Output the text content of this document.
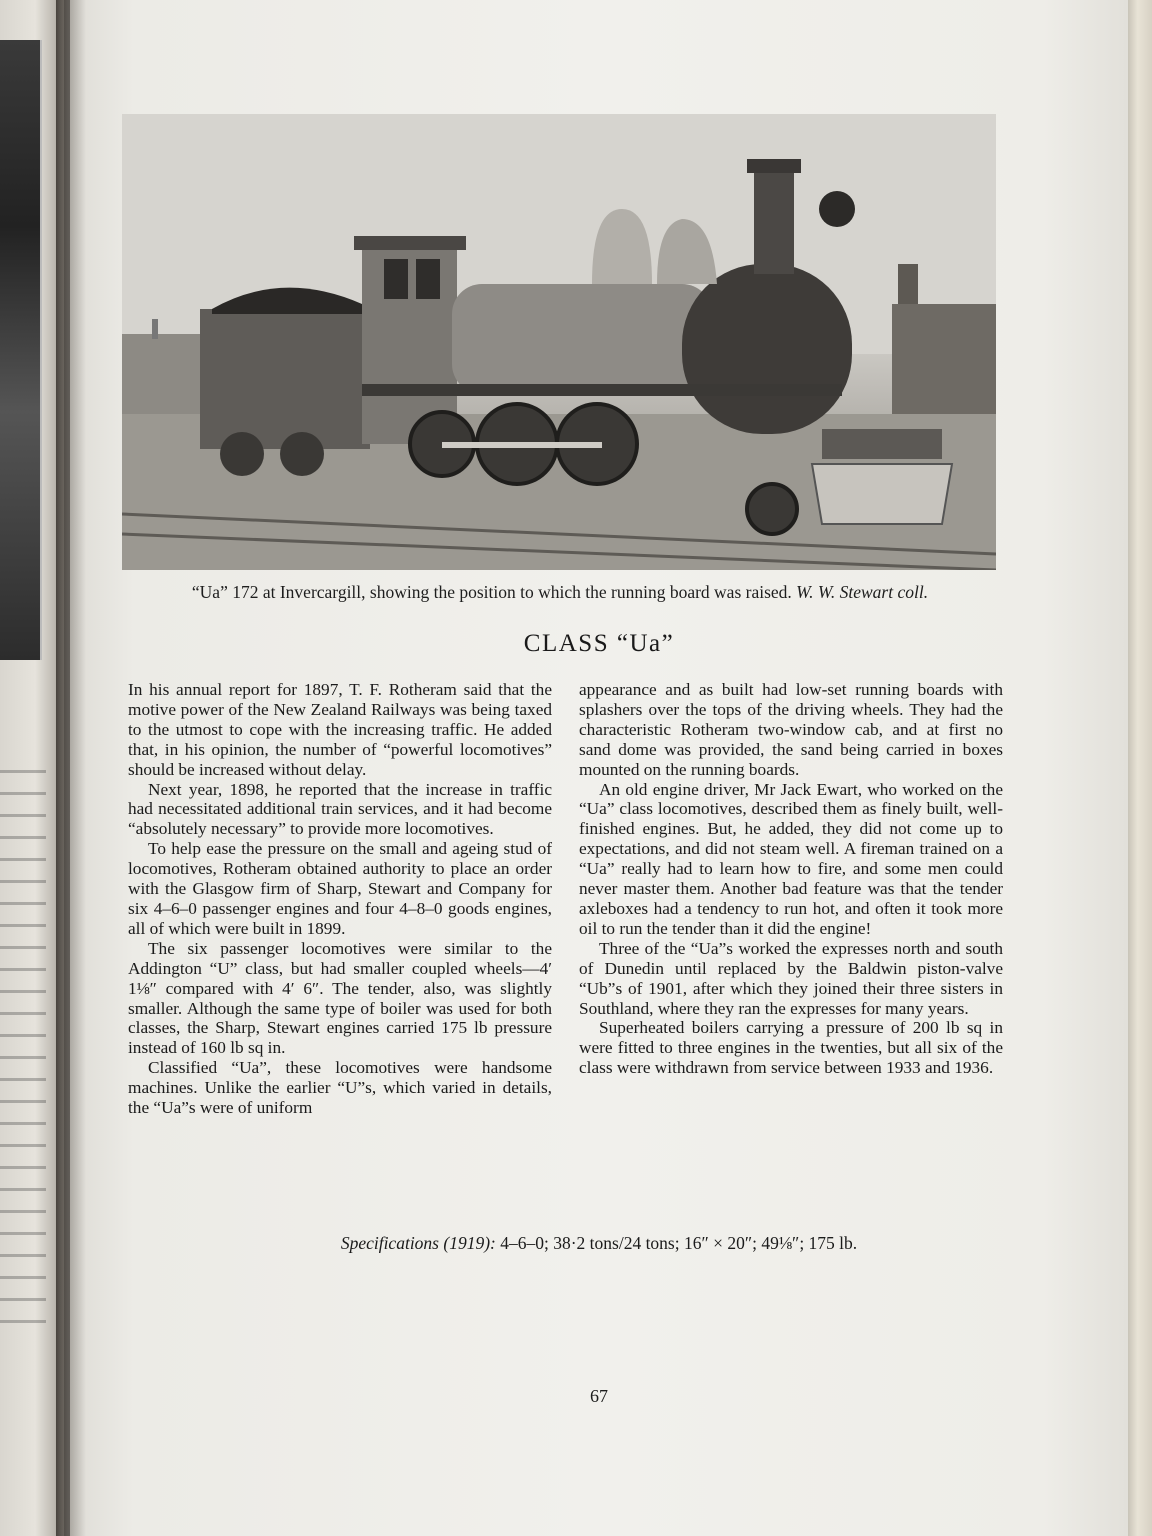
“Ua” 172 at Invercargill, showing the position to which the running board was raised. W. W. Stewart coll.
CLASS “Ua”

In his annual report for 1897, T. F. Rotheram said that the motive power of the New Zealand Railways was being taxed to the utmost to cope with the increasing traffic. He added that, in his opinion, the number of “powerful locomotives” should be increased without delay.

Next year, 1898, he reported that the increase in traffic had necessitated additional train services, and it had become “absolutely necessary” to provide more locomotives.

To help ease the pressure on the small and ageing stud of locomotives, Rotheram obtained authority to place an order with the Glasgow firm of Sharp, Stewart and Company for six 4–6–0 passenger engines and four 4–8–0 goods engines, all of which were built in 1899.

The six passenger locomotives were similar to the Addington “U” class, but had smaller coupled wheels—4′ 1⅛″ compared with 4′ 6″. The tender, also, was slightly smaller. Although the same type of boiler was used for both classes, the Sharp, Stewart engines carried 175 lb pressure instead of 160 lb sq in.

Classified “Ua”, these locomotives were handsome machines. Unlike the earlier “U”s, which varied in details, the “Ua”s were of uniform

appearance and as built had low-set running boards with splashers over the tops of the driving wheels. They had the characteristic Rotheram two-window cab, and at first no sand dome was provided, the sand being carried in boxes mounted on the running boards.

An old engine driver, Mr Jack Ewart, who worked on the “Ua” class locomotives, described them as finely built, well-finished engines. But, he added, they did not come up to expectations, and did not steam well. A fireman trained on a “Ua” really had to learn how to fire, and some men could never master them. Another bad feature was that the tender axleboxes had a tendency to run hot, and often it took more oil to run the tender than it did the engine!

Three of the “Ua”s worked the expresses north and south of Dunedin until replaced by the Baldwin piston-valve “Ub”s of 1901, after which they joined their three sisters in Southland, where they ran the expresses for many years.

Superheated boilers carrying a pressure of 200 lb sq in were fitted to three engines in the twenties, but all six of the class were withdrawn from service between 1933 and 1936.

Specifications (1919): 4–6–0; 38·2 tons/24 tons; 16″ × 20″; 49⅛″; 175 lb.
67
